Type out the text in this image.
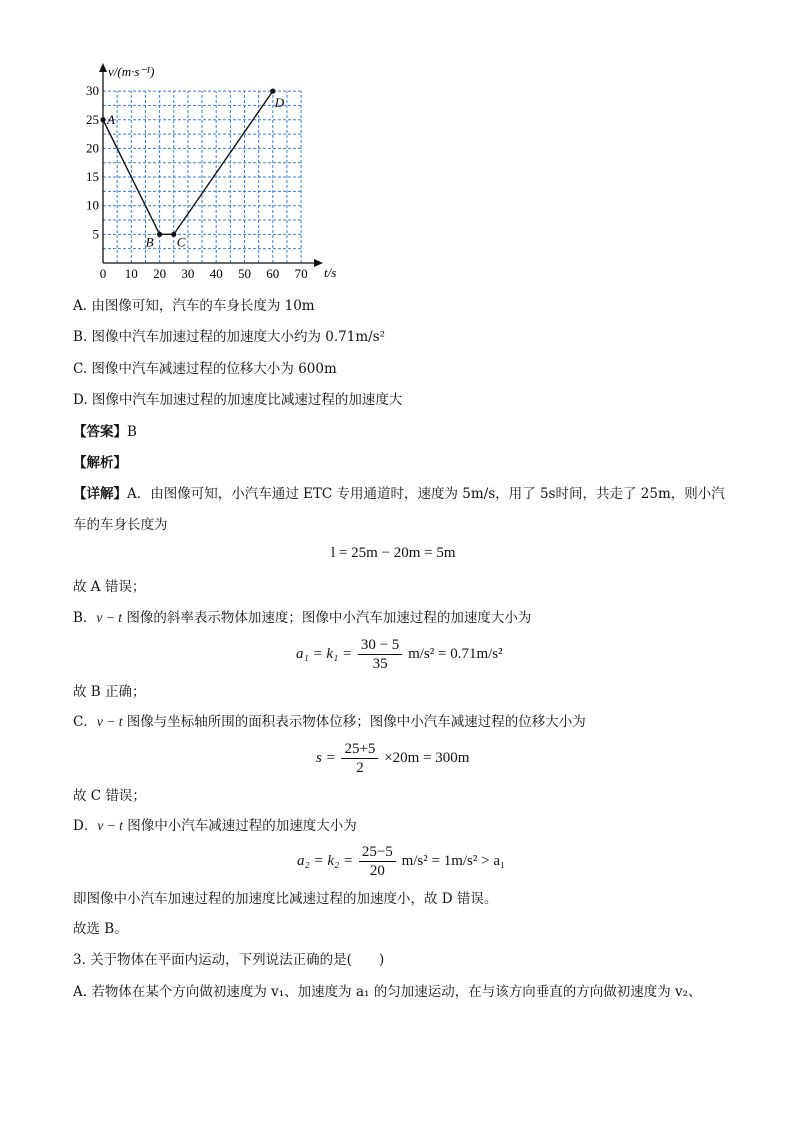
0 10 20 30 40 50 60 70
5
10
15
20
25
30
A
B C
D
v/(m·s⁻¹)
t/s
A. 由图像可知，汽车的车身长度为 10m
B. 图像中汽车加速过程的加速度大小约为 0.71m/s²
C. 图像中汽车减速过程的位移大小为 600m
D. 图像中汽车加速过程的加速度比减速过程的加速度大
【答案】B
【解析】
【详解】A．由图像可知，小汽车通过 ETC 专用通道时，速度为 5m/s，用了 5s时间，共走了 25m，则小汽
车的车身长度为
l = 25m − 20m = 5m
故 A 错误；
B．v − t 图像的斜率表示物体加速度；图像中小汽车加速过程的加速度大小为
$a_1 = k_1 = \frac{30 - 5}{35} m/s^2 = 0.71m/s^2$
故 B 正确；
C．v − t 图像与坐标轴所围的面积表示物体位移；图像中小汽车减速过程的位移大小为
$s = \frac{25+5}{2} \times 20m = 300m$
故 C 错误；
D．v − t 图像中小汽车减速过程的加速度大小为
$a_2 = k_2 = \frac{25-5}{20} m/s^2 = 1m/s^2 > a_1$
即图像中小汽车加速过程的加速度比减速过程的加速度小，故 D 错误。
故选 B。
3. 关于物体在平面内运动，下列说法正确的是(　　)
A. 若物体在某个方向做初速度为 v₁、加速度为 a₁ 的匀加速运动，在与该方向垂直的方向做初速度为 v₂、
